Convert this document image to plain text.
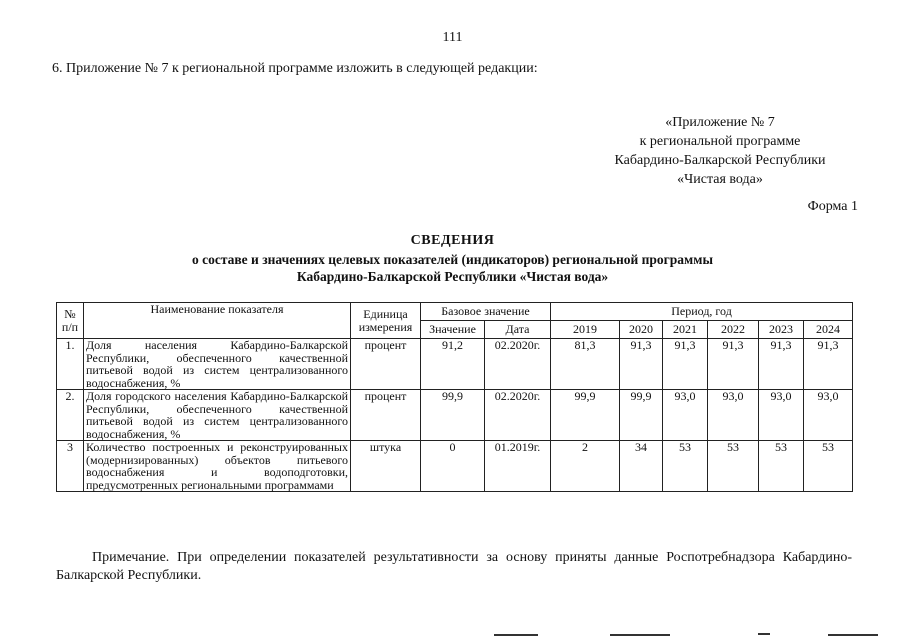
111
6. Приложение № 7 к региональной программе изложить в следующей редакции:
«Приложение № 7
к региональной программе
Кабардино-Балкарской Республики
«Чистая вода»
Форма 1
СВЕДЕНИЯ
о составе и значениях целевых показателей (индикаторов) региональной программы
Кабардино-Балкарской Республики «Чистая вода»
№ п/п	Наименование показателя	Единица измерения	Базовое значение		Период, год					
			Значение	Дата	2019	2020	2021	2022	2023	2024
1.	Доля населения Кабардино-Балкарской Республики, обеспеченного качественной питьевой водой из систем централизованного водоснабжения, %	процент	91,2	02.2020г.	81,3	91,3	91,3	91,3	91,3	91,3
2.	Доля городского населения Кабардино-Балкарской Республики, обеспеченного качественной питьевой водой из систем централизованного водоснабжения, %	процент	99,9	02.2020г.	99,9	99,9	93,0	93,0	93,0	93,0
3	Количество построенных и реконструированных (модернизированных) объектов питьевого водоснабжения и водоподготовки, предусмотренных региональными программами	штука	0	01.2019г.	2	34	53	53	53	53
Примечание. При определении показателей результативности за основу приняты данные Роспотребнадзора Кабардино-Балкарской Республики.
